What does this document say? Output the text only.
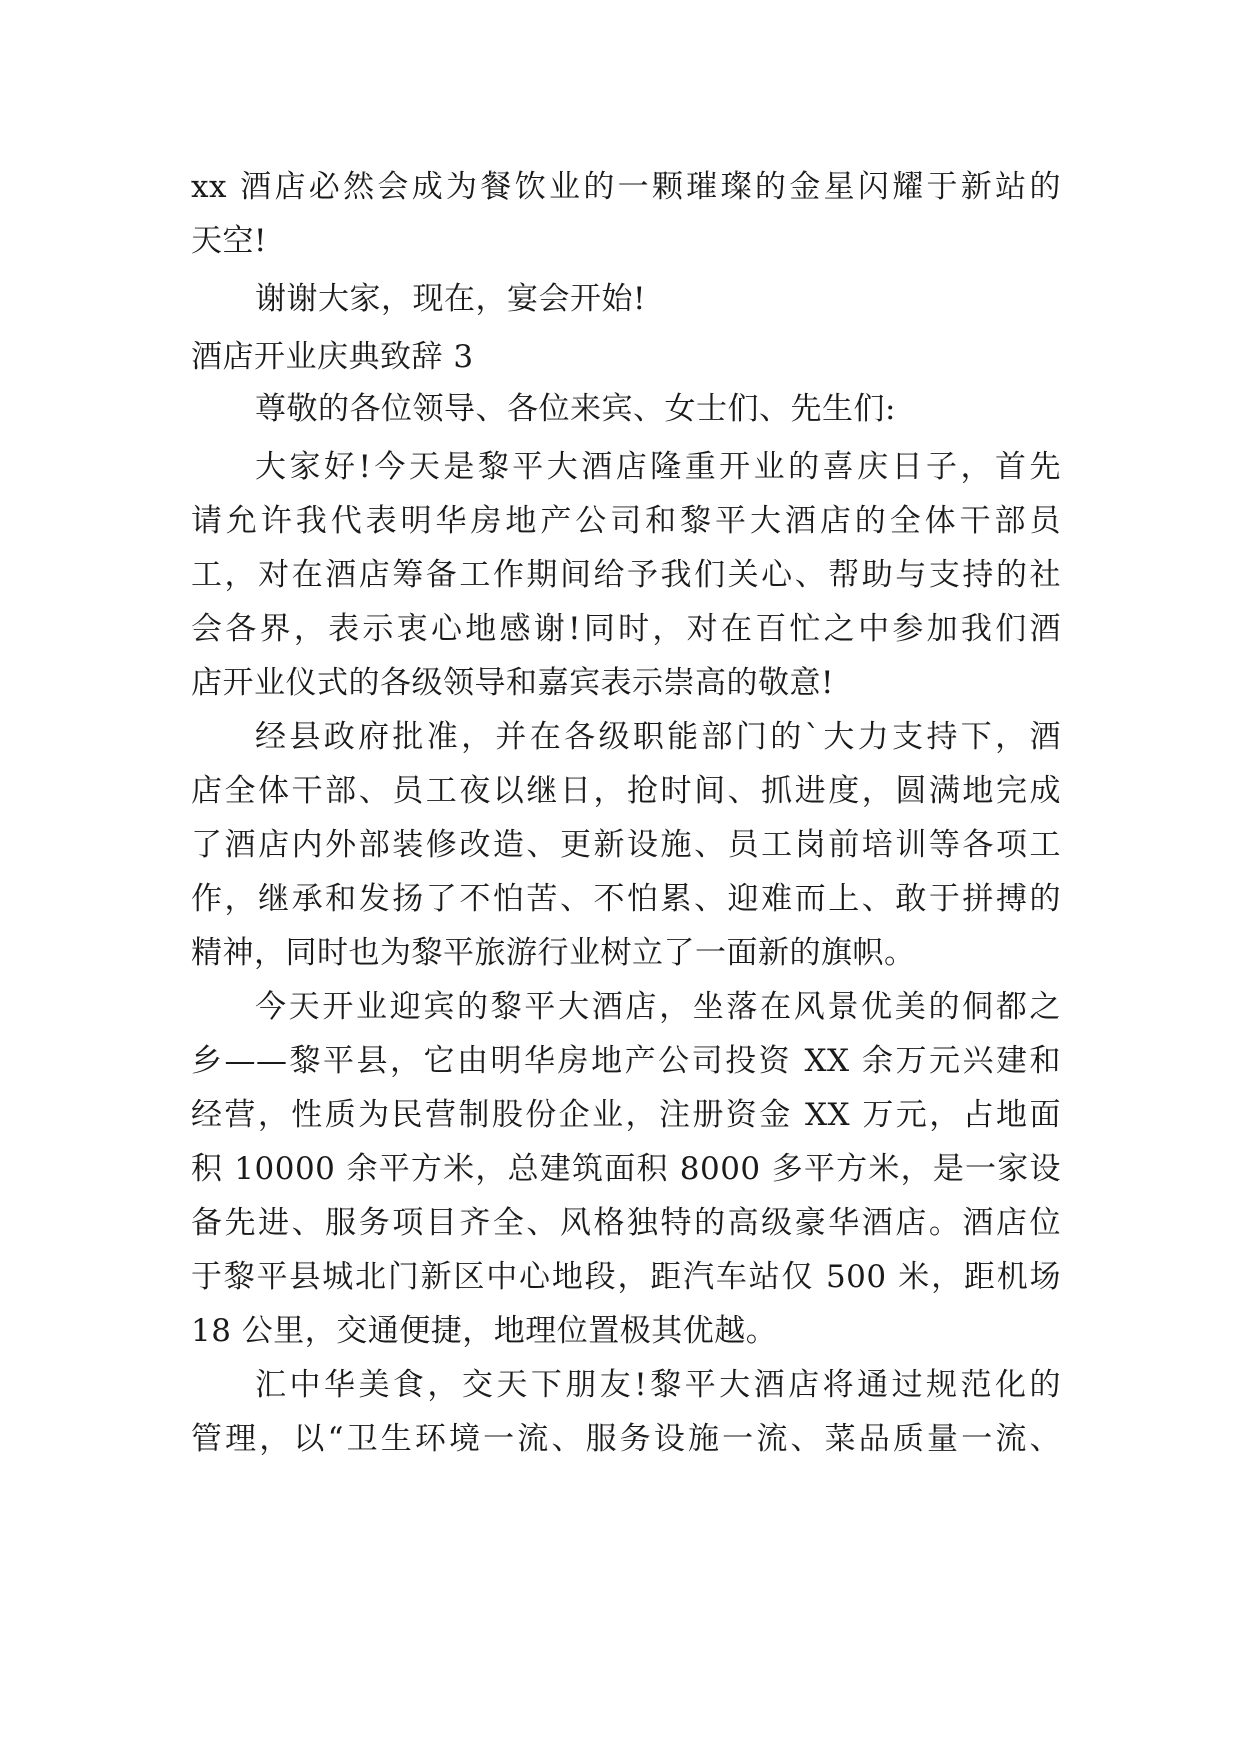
xx 酒店必然会成为餐饮业的一颗璀璨的金星闪耀于新站的
天空!
谢谢大家，现在，宴会开始!
酒店开业庆典致辞 3
尊敬的各位领导、各位来宾、女士们、先生们:
大家好!今天是黎平大酒店隆重开业的喜庆日子，首先
请允许我代表明华房地产公司和黎平大酒店的全体干部员
工，对在酒店筹备工作期间给予我们关心、帮助与支持的社
会各界，表示衷心地感谢!同时，对在百忙之中参加我们酒
店开业仪式的各级领导和嘉宾表示崇高的敬意!
经县政府批准，并在各级职能部门的`大力支持下，酒
店全体干部、员工夜以继日，抢时间、抓进度，圆满地完成
了酒店内外部装修改造、更新设施、员工岗前培训等各项工
作，继承和发扬了不怕苦、不怕累、迎难而上、敢于拼搏的
精神，同时也为黎平旅游行业树立了一面新的旗帜。
今天开业迎宾的黎平大酒店，坐落在风景优美的侗都之
乡——黎平县，它由明华房地产公司投资 XX 余万元兴建和
经营，性质为民营制股份企业，注册资金 XX 万元，占地面
积 10000 余平方米，总建筑面积 8000 多平方米，是一家设
备先进、服务项目齐全、风格独特的高级豪华酒店。酒店位
于黎平县城北门新区中心地段，距汽车站仅 500 米，距机场
18 公里，交通便捷，地理位置极其优越。
汇中华美食，交天下朋友!黎平大酒店将通过规范化的
管理，以“卫生环境一流、服务设施一流、菜品质量一流、
